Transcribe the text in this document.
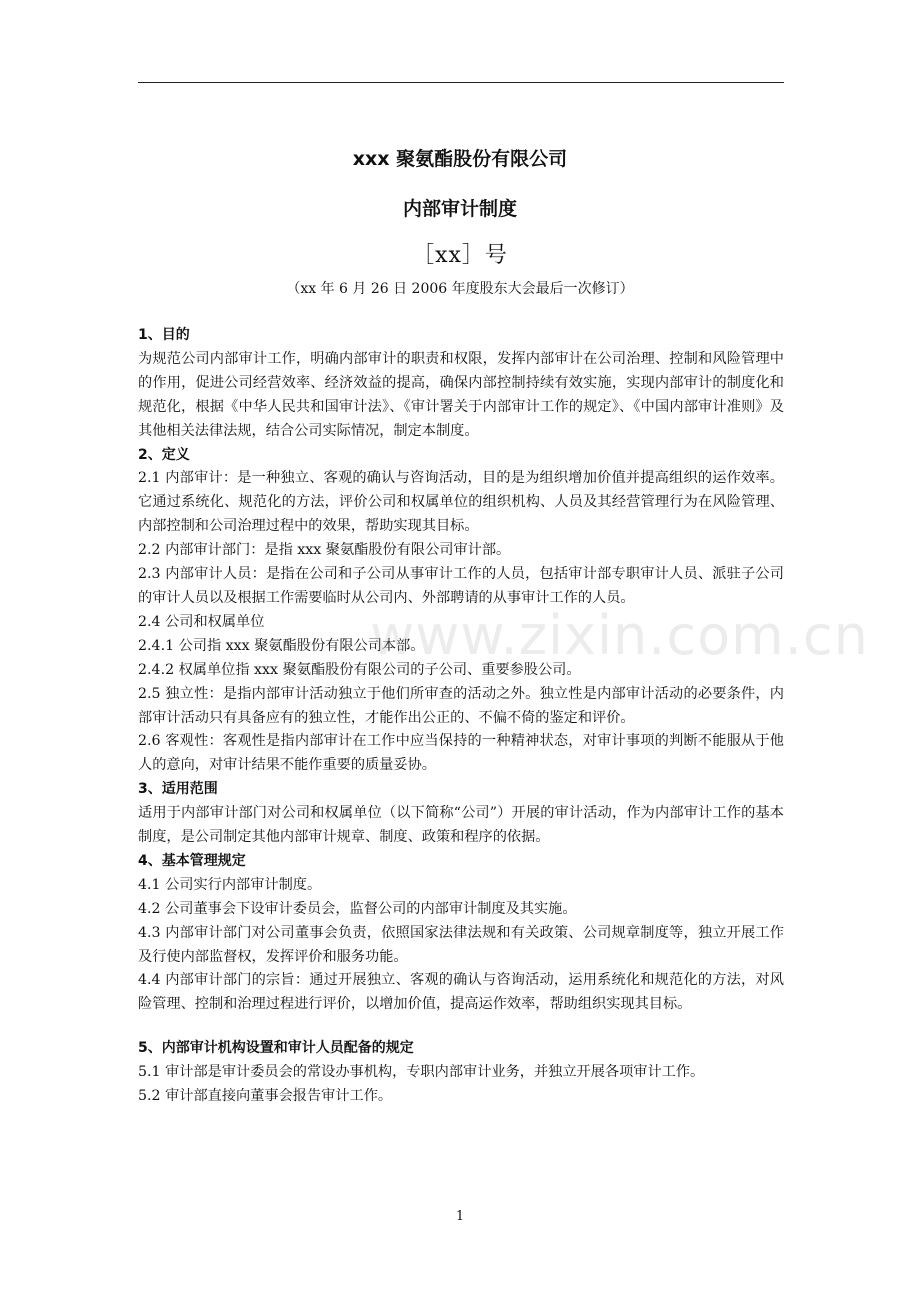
xxx 聚氨酯股份有限公司
内部审计制度
［xx］号
（xx 年 6 月 26 日 2006 年度股东大会最后一次修订）

1、目的

为规范公司内部审计工作，明确内部审计的职责和权限，发挥内部审计在公司治理、控制和风险管理中的作用，促进公司经营效率、经济效益的提高，确保内部控制持续有效实施，实现内部审计的制度化和规范化，根据《中华人民共和国审计法》、《审计署关于内部审计工作的规定》、《中国内部审计准则》及其他相关法律法规，结合公司实际情况，制定本制度。

2、定义

2.1 内部审计：是一种独立、客观的确认与咨询活动，目的是为组织增加价值并提高组织的运作效率。它通过系统化、规范化的方法，评价公司和权属单位的组织机构、人员及其经营管理行为在风险管理、内部控制和公司治理过程中的效果，帮助实现其目标。

2.2 内部审计部门：是指 xxx 聚氨酯股份有限公司审计部。

2.3 内部审计人员：是指在公司和子公司从事审计工作的人员，包括审计部专职审计人员、派驻子公司的审计人员以及根据工作需要临时从公司内、外部聘请的从事审计工作的人员。

2.4 公司和权属单位

2.4.1 公司指 xxx 聚氨酯股份有限公司本部。

2.4.2 权属单位指 xxx 聚氨酯股份有限公司的子公司、重要参股公司。

2.5 独立性：是指内部审计活动独立于他们所审查的活动之外。独立性是内部审计活动的必要条件，内部审计活动只有具备应有的独立性，才能作出公正的、不偏不倚的鉴定和评价。

2.6 客观性：客观性是指内部审计在工作中应当保持的一种精神状态，对审计事项的判断不能服从于他人的意向，对审计结果不能作重要的质量妥协。

3、适用范围

适用于内部审计部门对公司和权属单位（以下简称“公司”）开展的审计活动，作为内部审计工作的基本制度，是公司制定其他内部审计规章、制度、政策和程序的依据。

4、基本管理规定

4.1 公司实行内部审计制度。

4.2 公司董事会下设审计委员会，监督公司的内部审计制度及其实施。

4.3 内部审计部门对公司董事会负责，依照国家法律法规和有关政策、公司规章制度等，独立开展工作及行使内部监督权，发挥评价和服务功能。

4.4 内部审计部门的宗旨：通过开展独立、客观的确认与咨询活动，运用系统化和规范化的方法，对风险管理、控制和治理过程进行评价，以增加价值，提高运作效率，帮助组织实现其目标。

5、内部审计机构设置和审计人员配备的规定

5.1 审计部是审计委员会的常设办事机构，专职内部审计业务，并独立开展各项审计工作。

5.2 审计部直接向董事会报告审计工作。

www.zixin.com.cn
1
